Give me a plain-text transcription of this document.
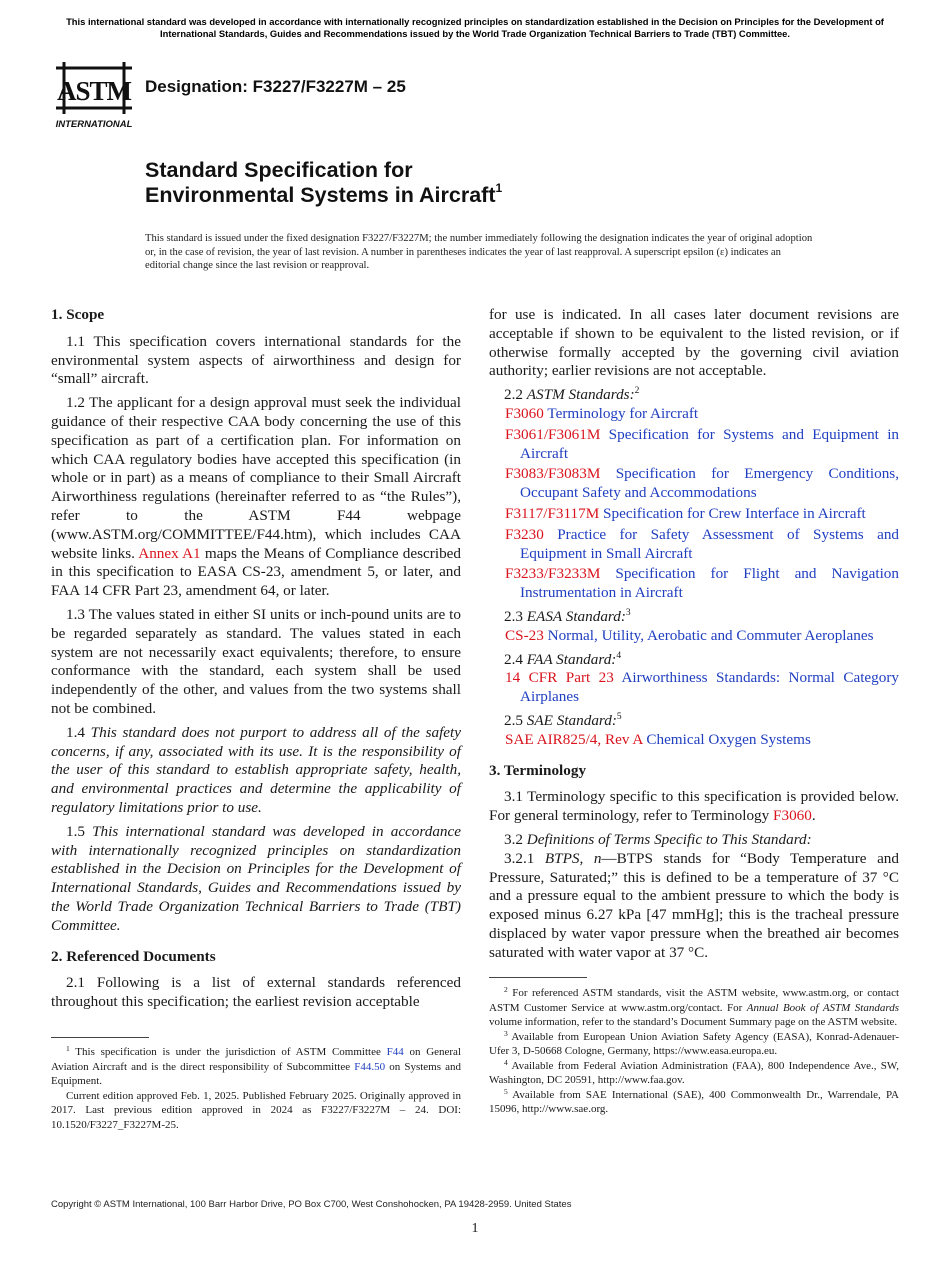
This international standard was developed in accordance with internationally recognized principles on standardization established in the Decision on Principles for the Development of International Standards, Guides and Recommendations issued by the World Trade Organization Technical Barriers to Trade (TBT) Committee.
ASTM
INTERNATIONAL
Designation: F3227/F3227M – 25
Standard Specification for
Environmental Systems in Aircraft$^1$
This standard is issued under the fixed designation F3227/F3227M; the number immediately following the designation indicates the year of original adoption or, in the case of revision, the year of last revision. A number in parentheses indicates the year of last reapproval. A superscript epsilon (ε) indicates an editorial change since the last revision or reapproval.

1. Scope

1.1 This specification covers international standards for the environmental system aspects of airworthiness and design for “small” aircraft.

1.2 The applicant for a design approval must seek the individual guidance of their respective CAA body concerning the use of this specification as part of a certification plan. For information on which CAA regulatory bodies have accepted this specification (in whole or in part) as a means of compliance to their Small Aircraft Airworthiness regulations (hereinafter referred to as “the Rules”), refer to the ASTM F44 webpage (www.ASTM.org/COMMITTEE/F44.htm), which includes CAA website links. Annex A1 maps the Means of Compliance described in this specification to EASA CS-23, amendment 5, or later, and FAA 14 CFR Part 23, amendment 64, or later.

1.3 The values stated in either SI units or inch-pound units are to be regarded separately as standard. The values stated in each system are not necessarily exact equivalents; therefore, to ensure conformance with the standard, each system shall be used independently of the other, and values from the two systems shall not be combined.

1.4 This standard does not purport to address all of the safety concerns, if any, associated with its use. It is the responsibility of the user of this standard to establish appropriate safety, health, and environmental practices and determine the applicability of regulatory limitations prior to use.

1.5 This international standard was developed in accordance with internationally recognized principles on standardization established in the Decision on Principles for the Development of International Standards, Guides and Recommendations issued by the World Trade Organization Technical Barriers to Trade (TBT) Committee.

2. Referenced Documents

2.1 Following is a list of external standards referenced throughout this specification; the earliest revision acceptable

for use is indicated. In all cases later document revisions are acceptable if shown to be equivalent to the listed revision, or if otherwise formally accepted by the governing civil aviation authority; earlier revisions are not acceptable.

2.2 ASTM Standards:$^2$

F3060 Terminology for Aircraft

F3061/F3061M Specification for Systems and Equipment in Aircraft

F3083/F3083M Specification for Emergency Conditions, Occupant Safety and Accommodations

F3117/F3117M Specification for Crew Interface in Aircraft

F3230 Practice for Safety Assessment of Systems and Equipment in Small Aircraft

F3233/F3233M Specification for Flight and Navigation Instrumentation in Aircraft

2.3 EASA Standard:$^3$

CS-23 Normal, Utility, Aerobatic and Commuter Aeroplanes

2.4 FAA Standard:$^4$

14 CFR Part 23 Airworthiness Standards: Normal Category Airplanes

2.5 SAE Standard:$^5$

SAE AIR825/4, Rev A Chemical Oxygen Systems

3. Terminology

3.1 Terminology specific to this specification is provided below. For general terminology, refer to Terminology F3060.

3.2 Definitions of Terms Specific to This Standard:

3.2.1 BTPS, n—BTPS stands for “Body Temperature and Pressure, Saturated;” this is defined to be a temperature of 37 °C and a pressure equal to the ambient pressure to which the body is exposed minus 6.27 kPa [47 mmHg]; this is the tracheal pressure displaced by water vapor pressure when the breathed air becomes saturated with water vapor at 37 °C.

$^1$ This specification is under the jurisdiction of ASTM Committee F44 on General Aviation Aircraft and is the direct responsibility of Subcommittee F44.50 on Systems and Equipment.

Current edition approved Feb. 1, 2025. Published February 2025. Originally approved in 2017. Last previous edition approved in 2024 as F3227/F3227M – 24. DOI: 10.1520/F3227_F3227M-25.

$^2$ For referenced ASTM standards, visit the ASTM website, www.astm.org, or contact ASTM Customer Service at www.astm.org/contact. For Annual Book of ASTM Standards volume information, refer to the standard’s Document Summary page on the ASTM website.

$^3$ Available from European Union Aviation Safety Agency (EASA), Konrad-Adenauer-Ufer 3, D-50668 Cologne, Germany, https://www.easa.europa.eu.

$^4$ Available from Federal Aviation Administration (FAA), 800 Independence Ave., SW, Washington, DC 20591, http://www.faa.gov.

$^5$ Available from SAE International (SAE), 400 Commonwealth Dr., Warrendale, PA 15096, http://www.sae.org.

Copyright © ASTM International, 100 Barr Harbor Drive, PO Box C700, West Conshohocken, PA 19428-2959. United States
1
